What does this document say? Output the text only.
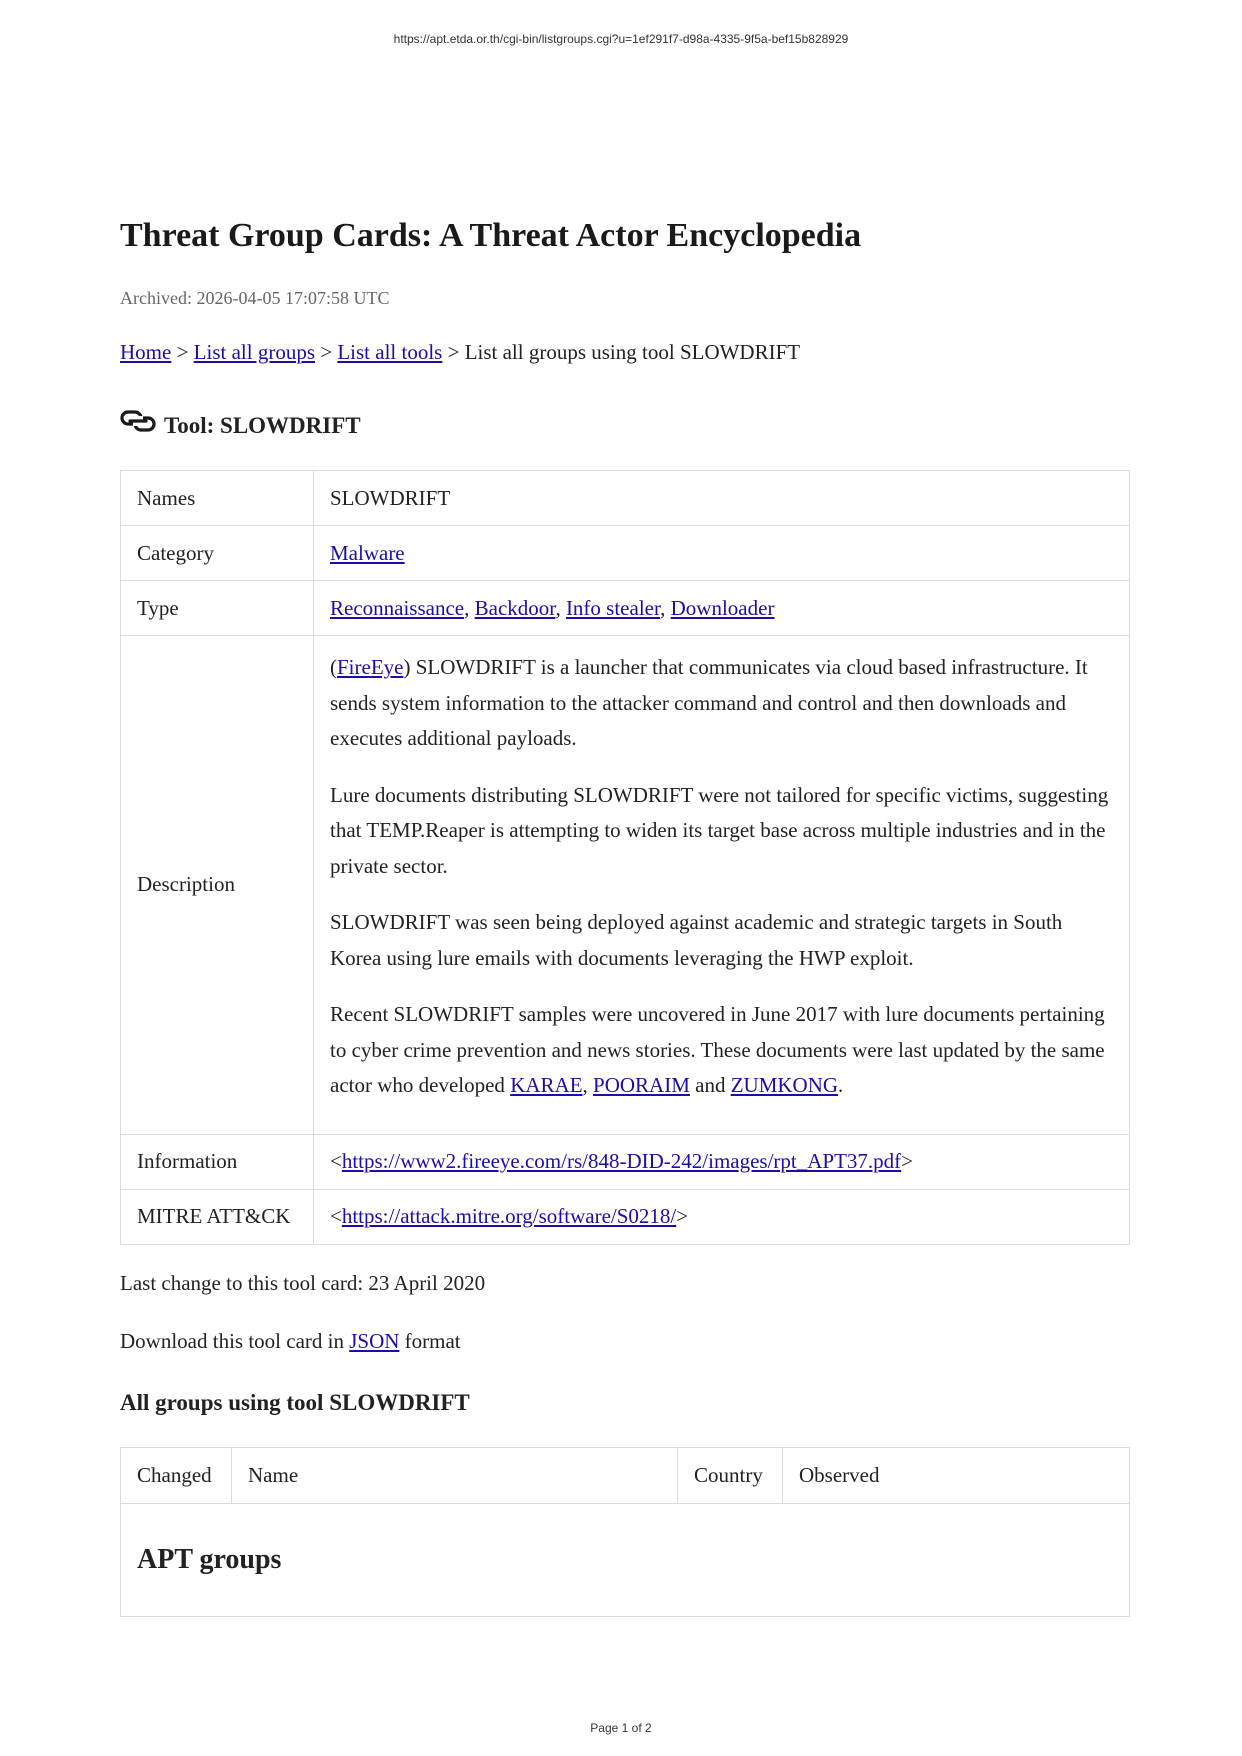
https://apt.etda.or.th/cgi-bin/listgroups.cgi?u=1ef291f7-d98a-4335-9f5a-bef15b828929
Threat Group Cards: A Threat Actor Encyclopedia
Archived: 2026-04-05 17:07:58 UTC
Home > List all groups > List all tools > List all groups using tool SLOWDRIFT
Tool: SLOWDRIFT
Names	SLOWDRIFT
Category	Malware
Type	Reconnaissance, Backdoor, Info stealer, Downloader
Description	(FireEye) SLOWDRIFT is a launcher that communicates via cloud based infrastructure. It sends system information to the attacker command and control and then downloads and executes additional payloads.

Lure documents distributing SLOWDRIFT were not tailored for specific victims, suggesting that TEMP.Reaper is attempting to widen its target base across multiple industries and in the private sector.

SLOWDRIFT was seen being deployed against academic and strategic targets in South Korea using lure emails with documents leveraging the HWP exploit.

Recent SLOWDRIFT samples were uncovered in June 2017 with lure documents pertaining to cyber crime prevention and news stories. These documents were last updated by the same actor who developed KARAE, POORAIM and ZUMKONG.

Information	<https://www2.fireeye.com/rs/848-DID-242/images/rpt_APT37.pdf>
MITRE ATT&CK	<https://attack.mitre.org/software/S0218/>
Last change to this tool card: 23 April 2020
Download this tool card in JSON format
All groups using tool SLOWDRIFT
Changed	Name	Country	Observed
APT groups
Page 1 of 2
